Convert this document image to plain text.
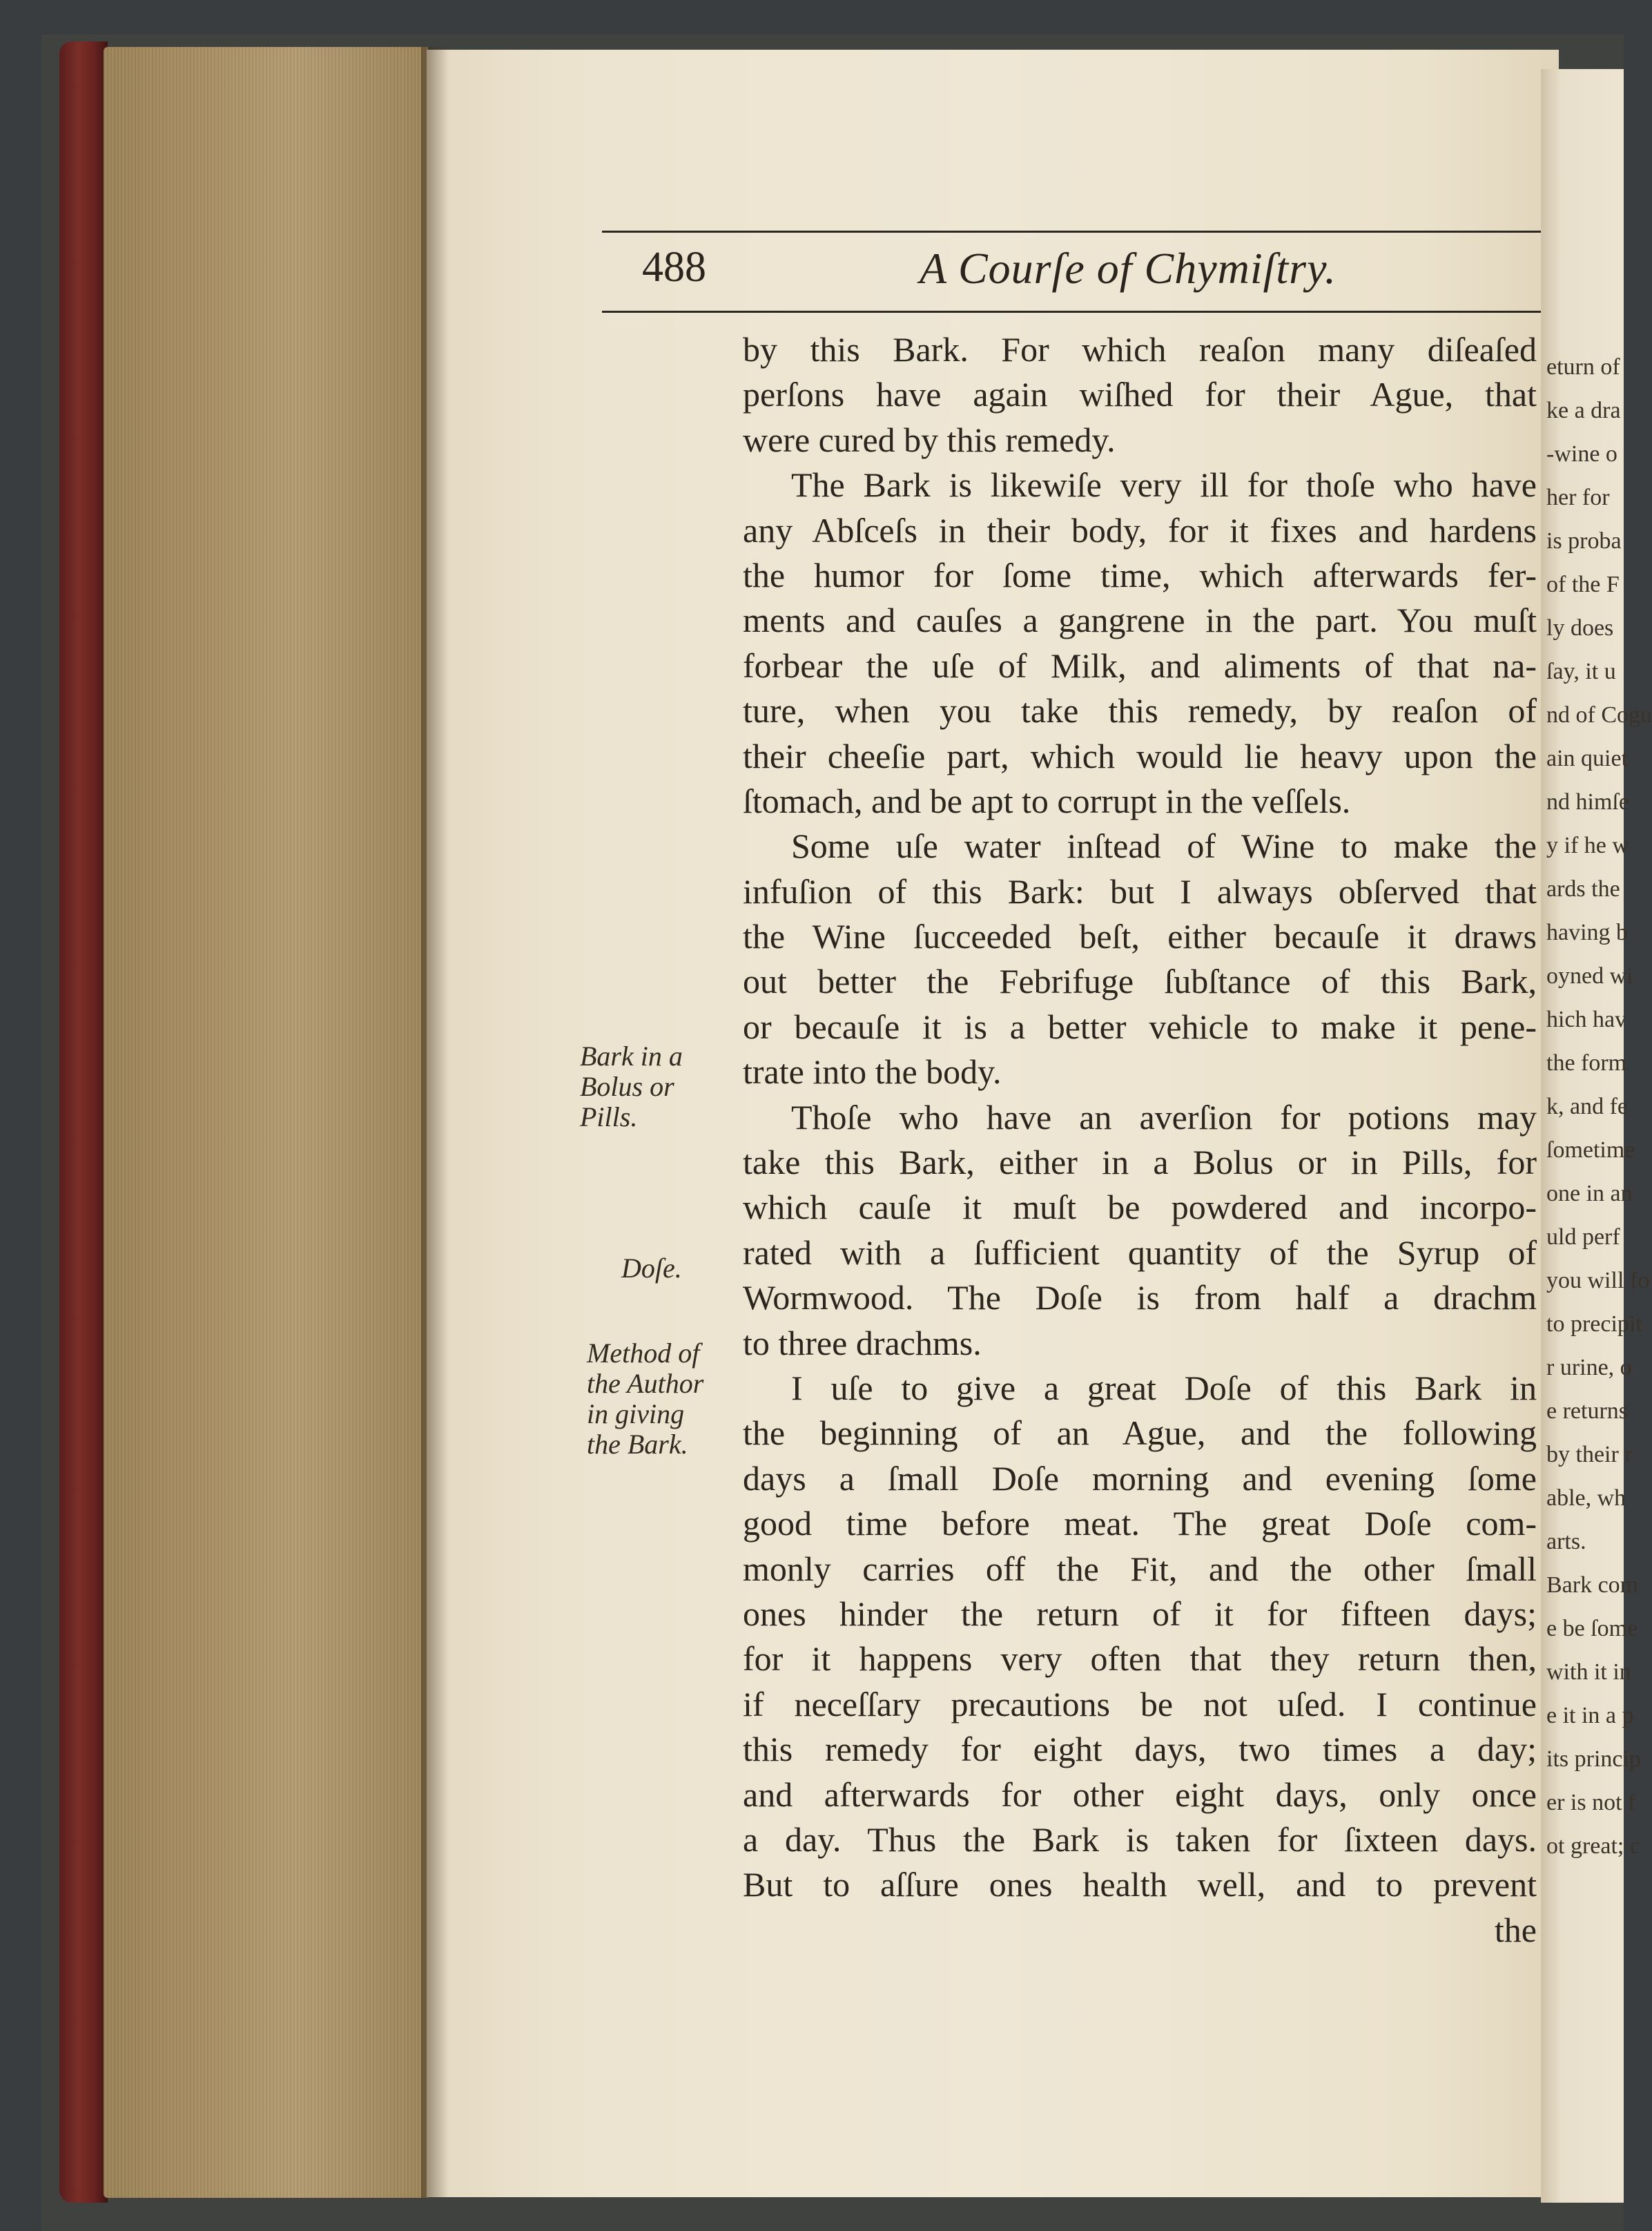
eturn of
ke a dra
-wine o
her for
is proba
of the F
ly does
ſay, it u
nd of Cogu
ain quiet
nd himſe
y if he w
ards the
having b
oyned wi
hich hav
the form
k, and fe
ſometime
one in an
uld perf
you will fo
to precipit
r urine, o
e returns
by their r
able, wh
arts.
Bark com
e be ſome
with it in
e it in a p
its princip
er is not f
ot great; c
488	A Courſe of Chymiſtry.
Bark in a
Bolus or
Pills.
Doſe.
Method of
the Author
in giving
the Bark.
by this Bark. For which reaſon many diſeaſed
perſons have again wiſhed for their Ague, that
were cured by this remedy.
The Bark is likewiſe very ill for thoſe who have
any Abſceſs in their body, for it fixes and hardens
the humor for ſome time, which afterwards fer-
ments and cauſes a gangrene in the part. You muſt
forbear the uſe of Milk, and aliments of that na-
ture, when you take this remedy, by reaſon of
their cheeſie part, which would lie heavy upon the
ſtomach, and be apt to corrupt in the veſſels.
Some uſe water inſtead of Wine to make the
infuſion of this Bark: but I always obſerved that
the Wine ſucceeded beſt, either becauſe it draws
out better the Febrifuge ſubſtance of this Bark,
or becauſe it is a better vehicle to make it pene-
trate into the body.
Thoſe who have an averſion for potions may
take this Bark, either in a Bolus or in Pills, for
which cauſe it muſt be powdered and incorpo-
rated with a ſufficient quantity of the Syrup of
Wormwood. The Doſe is from half a drachm
to three drachms.
I uſe to give a great Doſe of this Bark in
the beginning of an Ague, and the following
days a ſmall Doſe morning and evening ſome
good time before meat. The great Doſe com-
monly carries off the Fit, and the other ſmall
ones hinder the return of it for fifteen days;
for it happens very often that they return then,
if neceſſary precautions be not uſed. I continue
this remedy for eight days, two times a day;
and afterwards for other eight days, only once
a day. Thus the Bark is taken for ſixteen days.
But to aſſure ones health well, and to prevent
the
